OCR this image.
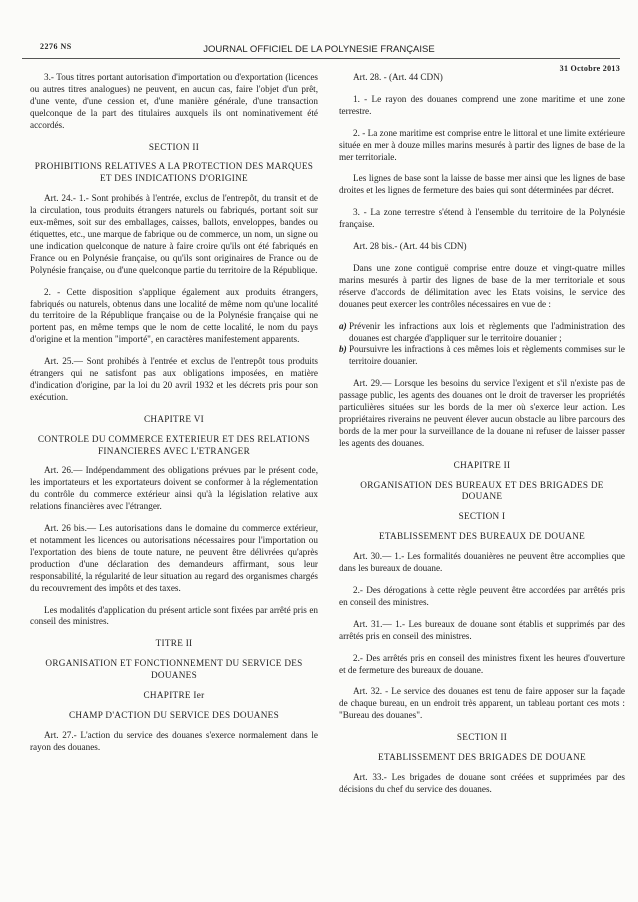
2276 NS	JOURNAL OFFICIEL DE LA POLYNESIE FRANÇAISE
31 Octobre 2013

3.- Tous titres portant autorisation d'importation ou d'exportation (licences ou autres titres analogues) ne peuvent, en aucun cas, faire l'objet d'un prêt, d'une vente, d'une cession et, d'une manière générale, d'une transaction quelconque de la part des titulaires auxquels ils ont nominativement été accordés.

SECTION II
PROHIBITIONS RELATIVES A LA PROTECTION DES MARQUES ET DES INDICATIONS D'ORIGINE

Art. 24.- 1.- Sont prohibés à l'entrée, exclus de l'entrepôt, du transit et de la circulation, tous produits étrangers naturels ou fabriqués, portant soit sur eux-mêmes, soit sur des emballages, caisses, ballots, enveloppes, bandes ou étiquettes, etc., une marque de fabrique ou de commerce, un nom, un signe ou une indication quelconque de nature à faire croire qu'ils ont été fabriqués en France ou en Polynésie française, ou qu'ils sont originaires de France ou de Polynésie française, ou d'une quelconque partie du territoire de la République.

2. - Cette disposition s'applique également aux produits étrangers, fabriqués ou naturels, obtenus dans une localité de même nom qu'une localité du territoire de la République française ou de la Polynésie française qui ne portent pas, en même temps que le nom de cette localité, le nom du pays d'origine et la mention "importé", en caractères manifestement apparents.

Art. 25.— Sont prohibés à l'entrée et exclus de l'entrepôt tous produits étrangers qui ne satisfont pas aux obligations imposées, en matière d'indication d'origine, par la loi du 20 avril 1932 et les décrets pris pour son exécution.

CHAPITRE VI
CONTROLE DU COMMERCE EXTERIEUR ET DES RELATIONS FINANCIERES AVEC L'ETRANGER

Art. 26.— Indépendamment des obligations prévues par le présent code, les importateurs et les exportateurs doivent se conformer à la réglementation du contrôle du commerce extérieur ainsi qu'à la législation relative aux relations financières avec l'étranger.

Art. 26 bis.— Les autorisations dans le domaine du commerce extérieur, et notamment les licences ou autorisations nécessaires pour l'importation ou l'exportation des biens de toute nature, ne peuvent être délivrées qu'après production d'une déclaration des demandeurs affirmant, sous leur responsabilité, la régularité de leur situation au regard des organismes chargés du recouvrement des impôts et des taxes.

Les modalités d'application du présent article sont fixées par arrêté pris en conseil des ministres.

TITRE II
ORGANISATION ET FONCTIONNEMENT DU SERVICE DES DOUANES
CHAPITRE Ier
CHAMP D'ACTION DU SERVICE DES DOUANES

Art. 27.- L'action du service des douanes s'exerce normalement dans le rayon des douanes.

Art. 28. - (Art. 44 CDN)

1. - Le rayon des douanes comprend une zone maritime et une zone terrestre.

2. - La zone maritime est comprise entre le littoral et une limite extérieure située en mer à douze milles marins mesurés à partir des lignes de base de la mer territoriale.

Les lignes de base sont la laisse de basse mer ainsi que les lignes de base droites et les lignes de fermeture des baies qui sont déterminées par décret.

3. - La zone terrestre s'étend à l'ensemble du territoire de la Polynésie française.

Art. 28 bis.- (Art. 44 bis CDN)

Dans une zone contiguë comprise entre douze et vingt-quatre milles marins mesurés à partir des lignes de base de la mer territoriale et sous réserve d'accords de délimitation avec les Etats voisins, le service des douanes peut exercer les contrôles nécessaires en vue de :

a) Prévenir les infractions aux lois et règlements que l'administration des douanes est chargée d'appliquer sur le territoire douanier ;
b) Poursuivre les infractions à ces mêmes lois et règlements commises sur le territoire douanier.

Art. 29.— Lorsque les besoins du service l'exigent et s'il n'existe pas de passage public, les agents des douanes ont le droit de traverser les propriétés particulières situées sur les bords de la mer où s'exerce leur action. Les propriétaires riverains ne peuvent élever aucun obstacle au libre parcours des bords de la mer pour la surveillance de la douane ni refuser de laisser passer les agents des douanes.

CHAPITRE II
ORGANISATION DES BUREAUX ET DES BRIGADES DE DOUANE
SECTION I
ETABLISSEMENT DES BUREAUX DE DOUANE

Art. 30.— 1.- Les formalités douanières ne peuvent être accomplies que dans les bureaux de douane.

2.- Des dérogations à cette règle peuvent être accordées par arrêtés pris en conseil des ministres.

Art. 31.— 1.- Les bureaux de douane sont établis et supprimés par des arrêtés pris en conseil des ministres.

2.- Des arrêtés pris en conseil des ministres fixent les heures d'ouverture et de fermeture des bureaux de douane.

Art. 32. - Le service des douanes est tenu de faire apposer sur la façade de chaque bureau, en un endroit très apparent, un tableau portant ces mots : "Bureau des douanes".

SECTION II
ETABLISSEMENT DES BRIGADES DE DOUANE

Art. 33.- Les brigades de douane sont créées et supprimées par des décisions du chef du service des douanes.
